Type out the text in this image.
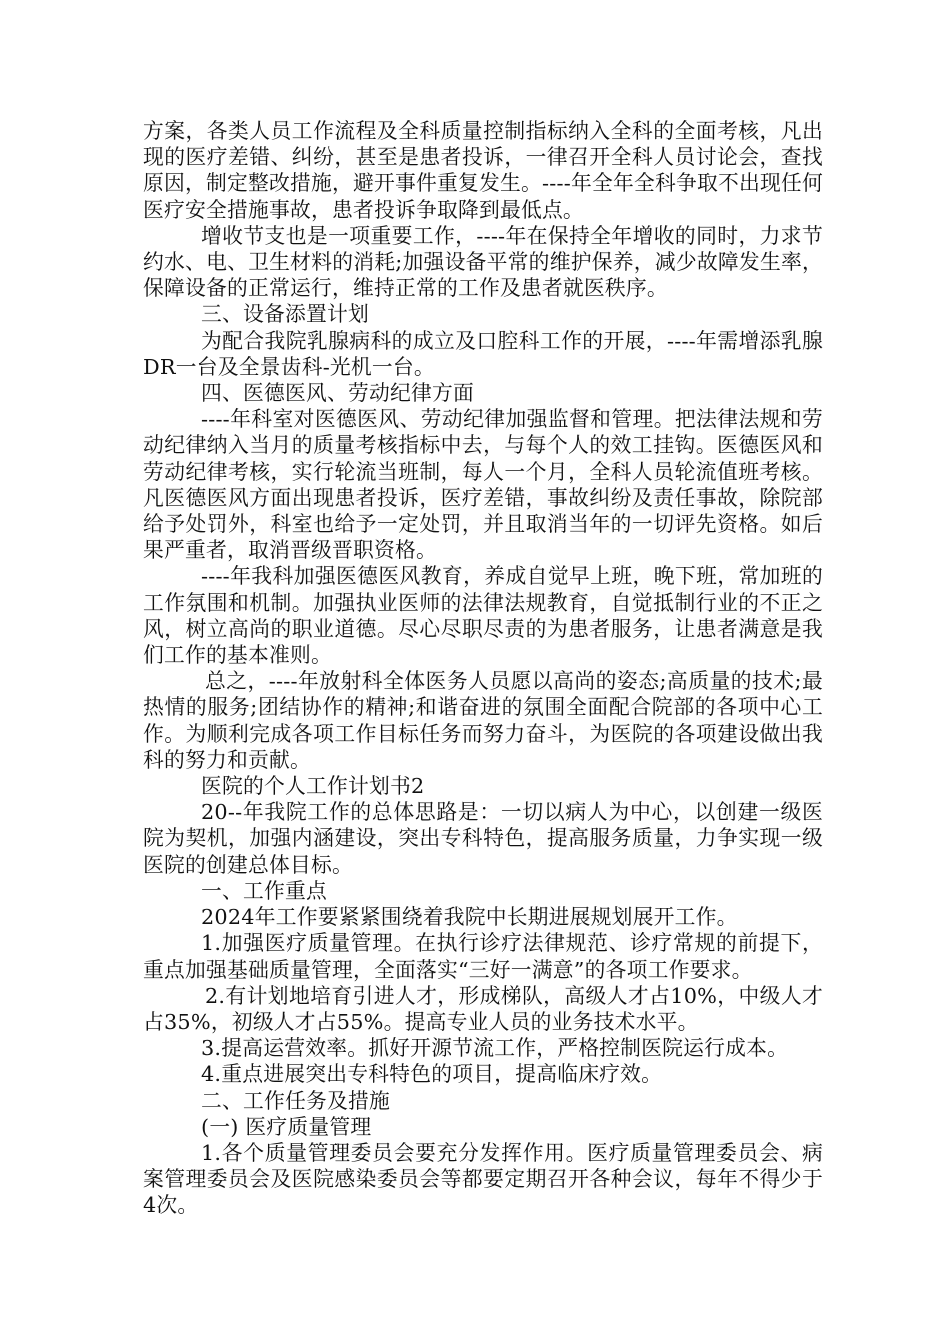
方案，各类人员工作流程及全科质量控制指标纳入全科的全面考核，凡出现的医疗差错、纠纷，甚至是患者投诉，一律召开全科人员讨论会，查找原因，制定整改措施，避开事件重复发生。----年全年全科争取不出现任何医疗安全措施事故，患者投诉争取降到最低点。

增收节支也是一项重要工作，----年在保持全年增收的同时，力求节约水、电、卫生材料的消耗;加强设备平常的维护保养，减少故障发生率，保障设备的正常运行，维持正常的工作及患者就医秩序。

三、设备添置计划

为配合我院乳腺病科的成立及口腔科工作的开展，----年需增添乳腺DR一台及全景齿科-光机一台。

四、医德医风、劳动纪律方面

----年科室对医德医风、劳动纪律加强监督和管理。把法律法规和劳动纪律纳入当月的质量考核指标中去，与每个人的效工挂钩。医德医风和劳动纪律考核，实行轮流当班制，每人一个月，全科人员轮流值班考核。凡医德医风方面出现患者投诉，医疗差错，事故纠纷及责任事故，除院部给予处罚外，科室也给予一定处罚，并且取消当年的一切评先资格。如后果严重者，取消晋级晋职资格。

----年我科加强医德医风教育，养成自觉早上班，晚下班，常加班的工作氛围和机制。加强执业医师的法律法规教育，自觉抵制行业的不正之风，树立高尚的职业道德。尽心尽职尽责的为患者服务，让患者满意是我们工作的基本准则。

总之，----年放射科全体医务人员愿以高尚的姿态;高质量的技术;最热情的服务;团结协作的精神;和谐奋进的氛围全面配合院部的各项中心工作。为顺利完成各项工作目标任务而努力奋斗，为医院的各项建设做出我科的努力和贡献。

医院的个人工作计划书2

20--年我院工作的总体思路是：一切以病人为中心，以创建一级医院为契机，加强内涵建设，突出专科特色，提高服务质量，力争实现一级医院的创建总体目标。

一、工作重点

2024年工作要紧紧围绕着我院中长期进展规划展开工作。

1.加强医疗质量管理。在执行诊疗法律规范、诊疗常规的前提下，重点加强基础质量管理，全面落实“三好一满意”的各项工作要求。

2.有计划地培育引进人才，形成梯队，高级人才占10%，中级人才占35%，初级人才占55%。提高专业人员的业务技术水平。

3.提高运营效率。抓好开源节流工作，严格控制医院运行成本。

4.重点进展突出专科特色的项目，提高临床疗效。

二、工作任务及措施

(一) 医疗质量管理

1.各个质量管理委员会要充分发挥作用。医疗质量管理委员会、病案管理委员会及医院感染委员会等都要定期召开各种会议，每年不得少于4次。
